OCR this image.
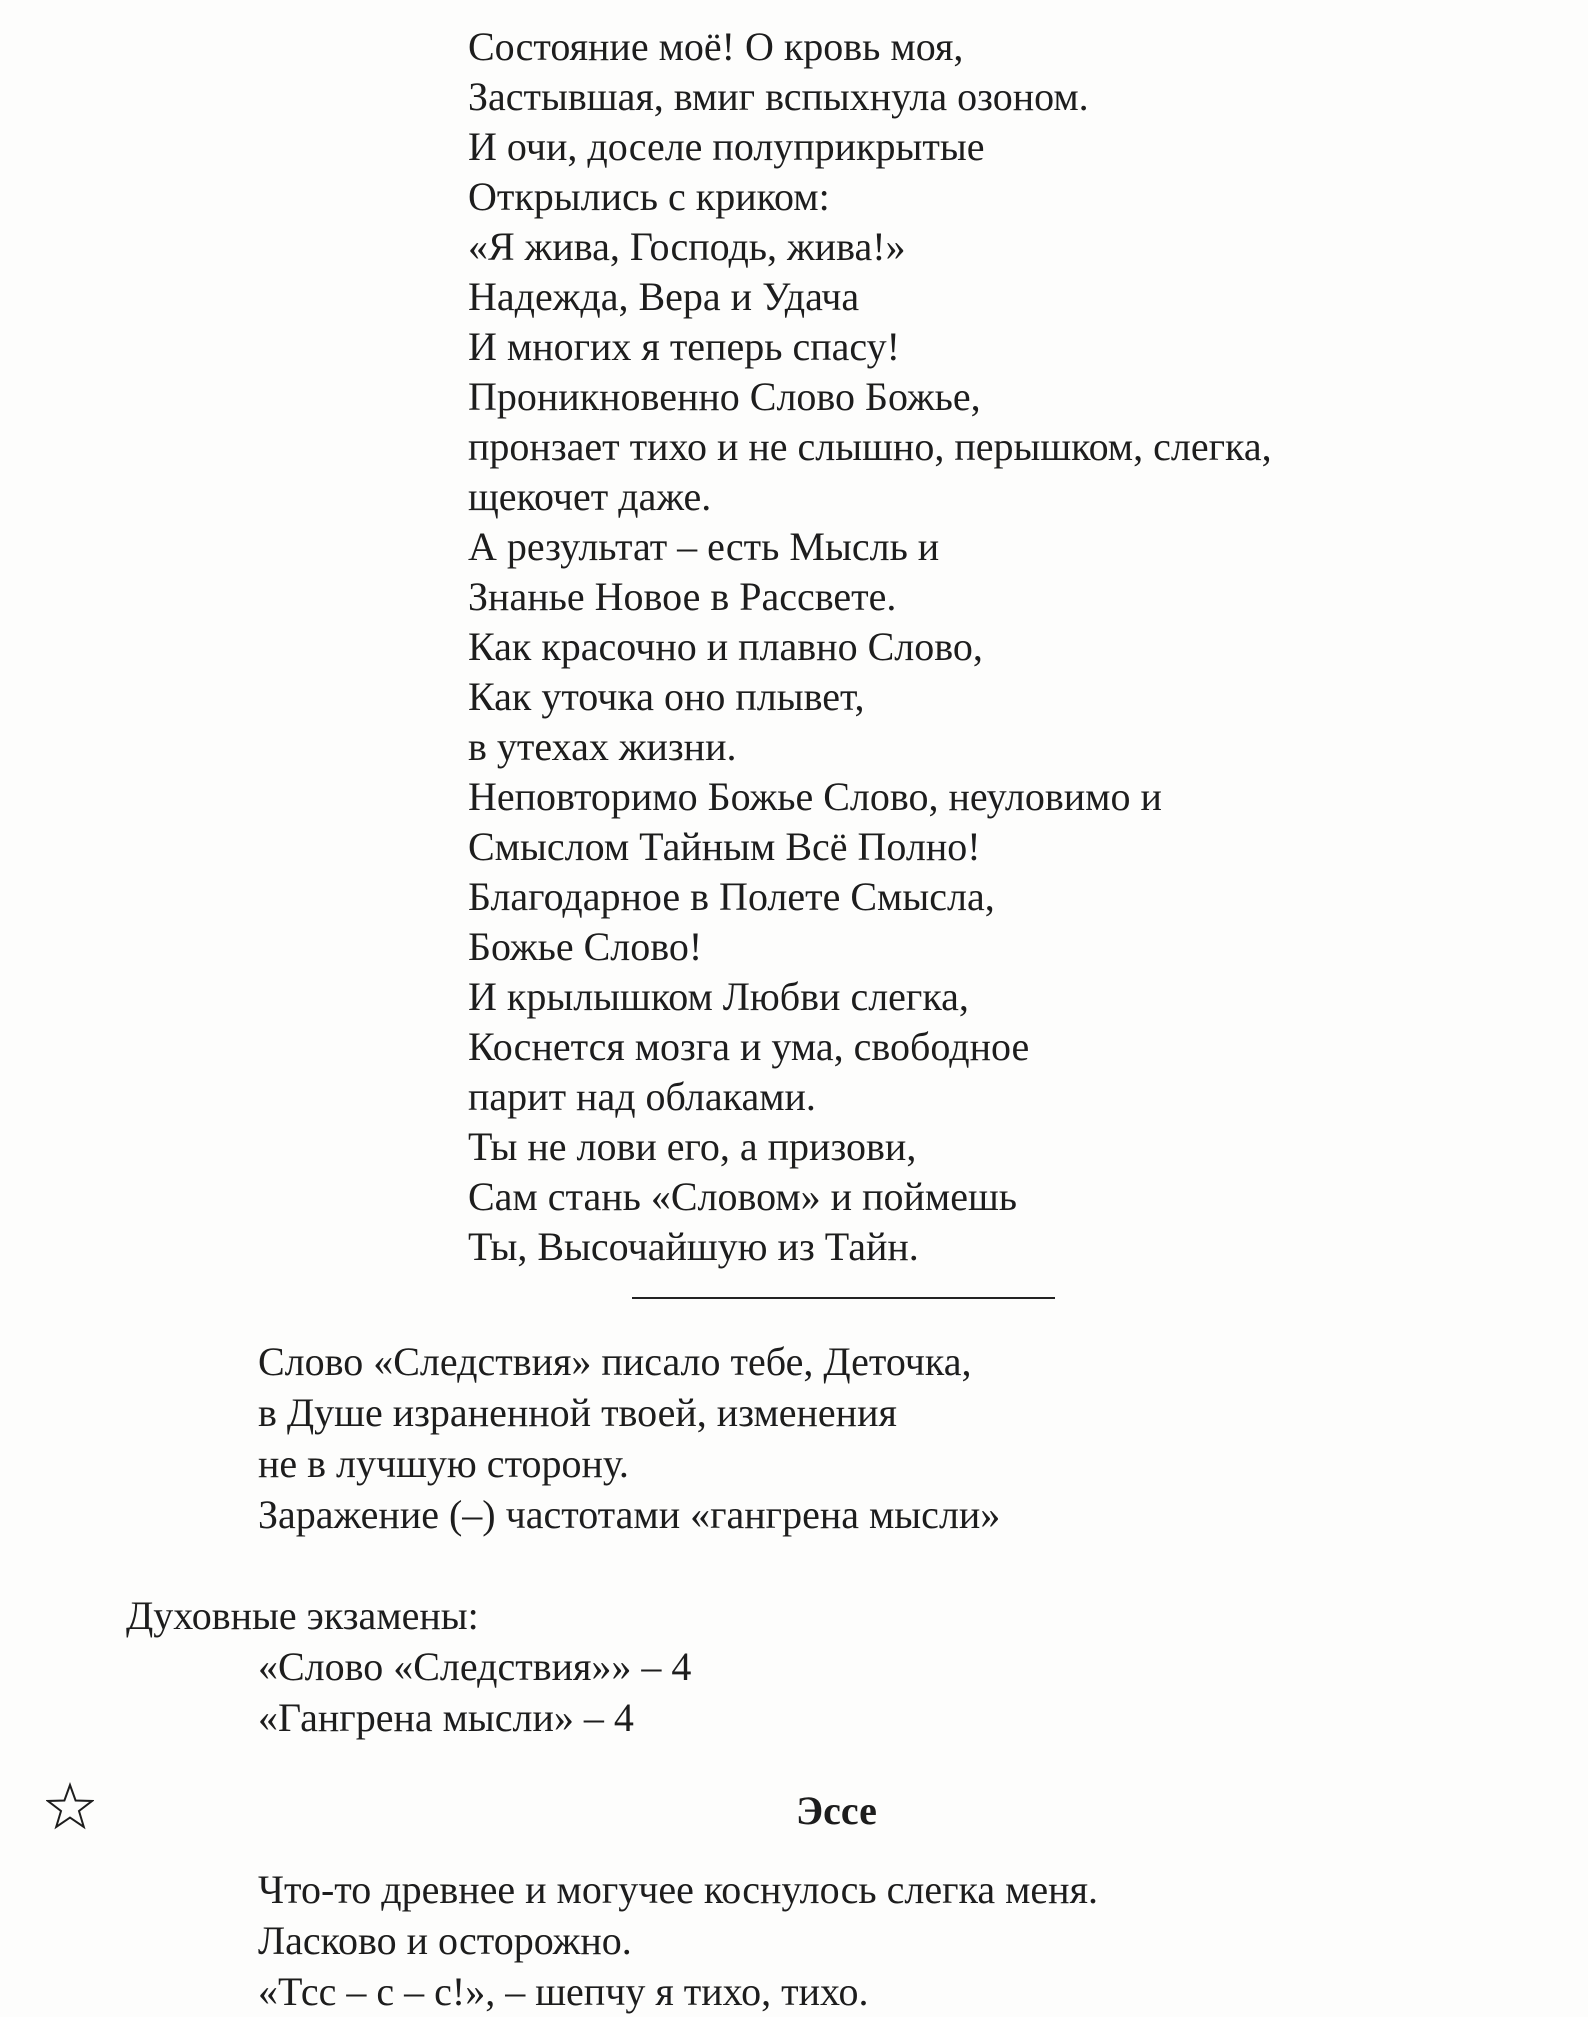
Состояние моё! О кровь моя,
Застывшая, вмиг вспыхнула озоном.
И очи, доселе полуприкрытые
Открылись с криком:
«Я жива, Господь, жива!»
Надежда, Вера и Удача
И многих я теперь спасу!
Проникновенно Слово Божье,
пронзает тихо и не слышно, перышком, слегка,
щекочет даже.
А результат – есть Мысль и
Знанье Новое в Рассвете.
Как красочно и плавно Слово,
Как уточка оно плывет,
в утехах жизни.
Неповторимо Божье Слово, неуловимо и
Смыслом Тайным Всё Полно!
Благодарное в Полете Смысла,
Божье Слово!
И крылышком Любви слегка,
Коснется мозга и ума, свободное
парит над облаками.
Ты не лови его, а призови,
Сам стань «Словом» и поймешь
Ты, Высочайшую из Тайн.
Слово «Следствия» писало тебе, Деточка,
в Душе израненной твоей, изменения
не в лучшую сторону.
Заражение (–) частотами «гангрена мысли»
Духовные экзамены:
«Слово «Следствия»» – 4
«Гангрена мысли» – 4
Эссе
Что-то древнее и могучее коснулось слегка меня.
Ласково и осторожно.
«Тсс – с – с!», – шепчу я тихо, тихо.
